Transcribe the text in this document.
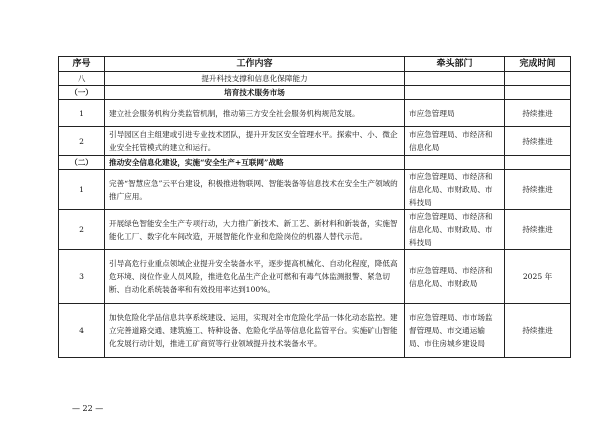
序号	工作内容	牵头部门	完成时间
八	提升科技支撑和信息化保障能力		
（一）	培育技术服务市场		
1	建立社会服务机构分类监管机制，推动第三方安全社会服务机构规范发展。	市应急管理局	持续推进
2	引导园区自主组建或引进专业技术团队，提升开发区安全管理水平。探索中、小、微企业安全托管模式的建立和运行。	市应急管理局、市经济和信息化局	持续推进
（二）	推动安全信息化建设，实施“安全生产+互联网”战略		
1	完善“智慧应急”云平台建设，积极推进物联网、智能装备等信息技术在安全生产领域的推广应用。	市应急管理局、市经济和信息化局、市财政局、市科技局	持续推进
2	开展绿色智能安全生产专项行动，大力推广新技术、新工艺、新材料和新装备，实施智能化工厂、数字化车间改造，开展智能化作业和危险岗位的机器人替代示范。	市应急管理局、市经济和信息化局、市财政局、市科技局	持续推进
3	引导高危行业重点领域企业提升安全装备水平，逐步提高机械化、自动化程度，降低高危环境、岗位作业人员风险，推进危化品生产企业可燃和有毒气体监测报警、紧急切断、自动化系统装备率和有效投用率达到100%。	市应急管理局、市经济和信息化局、市财政局	2025 年
4	加快危险化学品信息共享系统建设、运用，实现对全市危险化学品一体化动态监控。建立完善道路交通、建筑施工、特种设备、危险化学品等信息化监管平台。实施矿山智能化发展行动计划，推进工矿商贸等行业领域提升技术装备水平。	市应急管理局、市市场监督管理局、市交通运输局、市住房城乡建设局	持续推进
— 22 —
